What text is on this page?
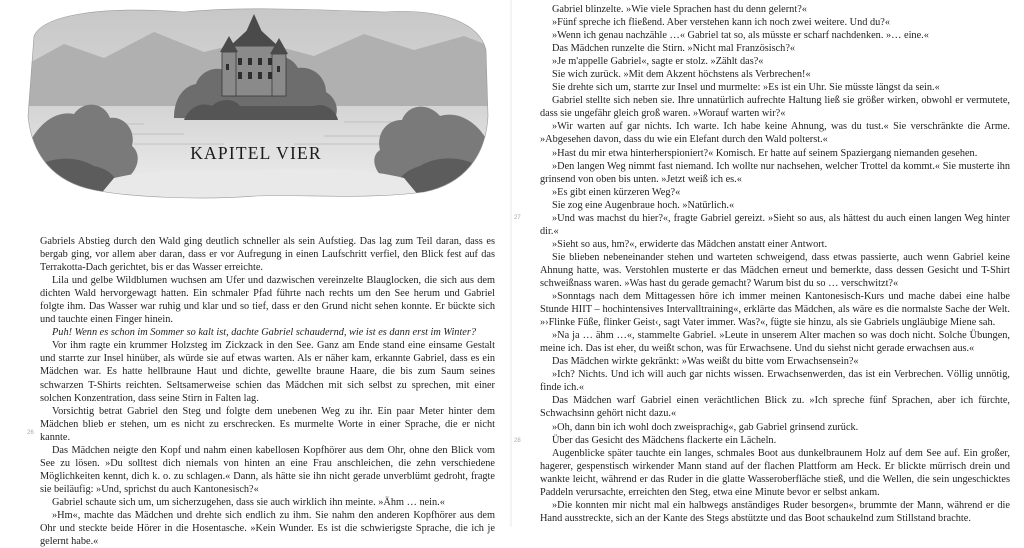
KAPITEL VIER

Gabriels Abstieg durch den Wald ging deutlich schneller als sein Aufstieg. Das lag zum Teil daran, dass es bergab ging, vor allem aber daran, dass er vor Aufregung in einen Laufschritt verfiel, den Blick fest auf das Terrakotta-Dach gerichtet, bis er das Wasser erreichte.

Lila und gelbe Wildblumen wuchsen am Ufer und dazwischen vereinzelte Blauglocken, die sich aus dem dichten Wald hervorgewagt hatten. Ein schmaler Pfad führte nach rechts um den See herum und Gabriel folgte ihm. Das Wasser war ruhig und klar und so tief, dass er den Grund nicht sehen konnte. Er bückte sich und tauchte einen Finger hinein.

Puh! Wenn es schon im Sommer so kalt ist, dachte Gabriel schaudernd, wie ist es dann erst im Winter?

Vor ihm ragte ein krummer Holzsteg im Zickzack in den See. Ganz am Ende stand eine einsame Gestalt und starrte zur Insel hinüber, als würde sie auf etwas warten. Als er näher kam, erkannte Gabriel, dass es ein Mädchen war. Es hatte hellbraune Haut und dichte, gewellte braune Haare, die bis zum Saum seines schwarzen T-Shirts reichten. Seltsamerweise schien das Mädchen mit sich selbst zu sprechen, mit einer solchen Konzentration, dass seine Stirn in Falten lag.

Vorsichtig betrat Gabriel den Steg und folgte dem unebenen Weg zu ihr. Ein paar Meter hinter dem Mädchen blieb er stehen, um es nicht zu erschrecken. Es murmelte Worte in einer Sprache, die er nicht kannte.

Das Mädchen neigte den Kopf und nahm einen kabellosen Kopfhörer aus dem Ohr, ohne den Blick vom See zu lösen. »Du solltest dich niemals von hinten an eine Frau anschleichen, die zehn verschiedene Möglichkeiten kennt, dich k. o. zu schlagen.« Dann, als hätte sie ihn nicht gerade unverblümt gedroht, fragte sie beiläufig: »Und, sprichst du auch Kantonesisch?«

Gabriel schaute sich um, um sicherzugehen, dass sie auch wirklich ihn meinte. »Ähm … nein.«

»Hm«, machte das Mädchen und drehte sich endlich zu ihm. Sie nahm den anderen Kopfhörer aus dem Ohr und steckte beide Hörer in die Hosentasche. »Kein Wunder. Es ist die schwierigste Sprache, die ich je gelernt habe.«

26

Gabriel blinzelte. »Wie viele Sprachen hast du denn gelernt?«

»Fünf spreche ich fließend. Aber verstehen kann ich noch zwei weitere. Und du?«

»Wenn ich genau nachzähle …« Gabriel tat so, als müsste er scharf nachdenken. »… eine.«

Das Mädchen runzelte die Stirn. »Nicht mal Französisch?«

»Je m'appelle Gabriel«, sagte er stolz. »Zählt das?«

Sie wich zurück. »Mit dem Akzent höchstens als Verbrechen!«

Sie drehte sich um, starrte zur Insel und murmelte: »Es ist ein Uhr. Sie müsste längst da sein.«

Gabriel stellte sich neben sie. Ihre unnatürlich aufrechte Haltung ließ sie größer wirken, obwohl er vermutete, dass sie ungefähr gleich groß waren. »Worauf warten wir?«

»Wir warten auf gar nichts. Ich warte. Ich habe keine Ahnung, was du tust.« Sie verschränkte die Arme. »Abgesehen davon, dass du wie ein Elefant durch den Wald polterst.«

»Hast du mir etwa hinterherspioniert?« Komisch. Er hatte auf seinem Spaziergang niemanden gesehen.

»Den langen Weg nimmt fast niemand. Ich wollte nur nachsehen, welcher Trottel da kommt.« Sie musterte ihn grinsend von oben bis unten. »Jetzt weiß ich es.«

»Es gibt einen kürzeren Weg?«

Sie zog eine Augenbraue hoch. »Natürlich.«

»Und was machst du hier?«, fragte Gabriel gereizt. »Sieht so aus, als hättest du auch einen langen Weg hinter dir.«

»Sieht so aus, hm?«, erwiderte das Mädchen anstatt einer Antwort.

Sie blieben nebeneinander stehen und warteten schweigend, dass etwas passierte, auch wenn Gabriel keine Ahnung hatte, was. Verstohlen musterte er das Mädchen erneut und bemerkte, dass dessen Gesicht und T-Shirt schweißnass waren. »Was hast du gerade gemacht? Warum bist du so … verschwitzt?«

»Sonntags nach dem Mittagessen höre ich immer meinen Kantonesisch-Kurs und mache dabei eine halbe Stunde HIIT – hochintensives Intervalltraining«, erklärte das Mädchen, als wäre es die normalste Sache der Welt. »›Flinke Füße, flinker Geist‹, sagt Vater immer. Was?«, fügte sie hinzu, als sie Gabriels ungläubige Miene sah.

»Na ja … ähm …«, stammelte Gabriel. »Leute in unserem Alter machen so was doch nicht. Solche Übungen, meine ich. Das ist eher, du weißt schon, was für Erwachsene. Und du siehst nicht gerade erwachsen aus.«

Das Mädchen wirkte gekränkt: »Was weißt du bitte vom Erwachsensein?«

»Ich? Nichts. Und ich will auch gar nichts wissen. Erwachsenwerden, das ist ein Verbrechen. Völlig unnötig, finde ich.«

Das Mädchen warf Gabriel einen verächtlichen Blick zu. »Ich spreche fünf Sprachen, aber ich fürchte, Schwachsinn gehört nicht dazu.«

»Oh, dann bin ich wohl doch zweisprachig«, gab Gabriel grinsend zurück.

Über das Gesicht des Mädchens flackerte ein Lächeln.

Augenblicke später tauchte ein langes, schmales Boot aus dunkelbraunem Holz auf dem See auf. Ein großer, hagerer, gespenstisch wirkender Mann stand auf der flachen Plattform am Heck. Er blickte mürrisch drein und wankte leicht, während er das Ruder in die glatte Wasseroberfläche stieß, und die Wellen, die sein ungeschicktes Paddeln verursachte, erreichten den Steg, etwa eine Minute bevor er selbst ankam.

»Die konnten mir nicht mal ein halbwegs anständiges Ruder besorgen«, brummte der Mann, während er die Hand ausstreckte, sich an der Kante des Stegs abstützte und das Boot schaukelnd zum Stillstand brachte.

27
28
